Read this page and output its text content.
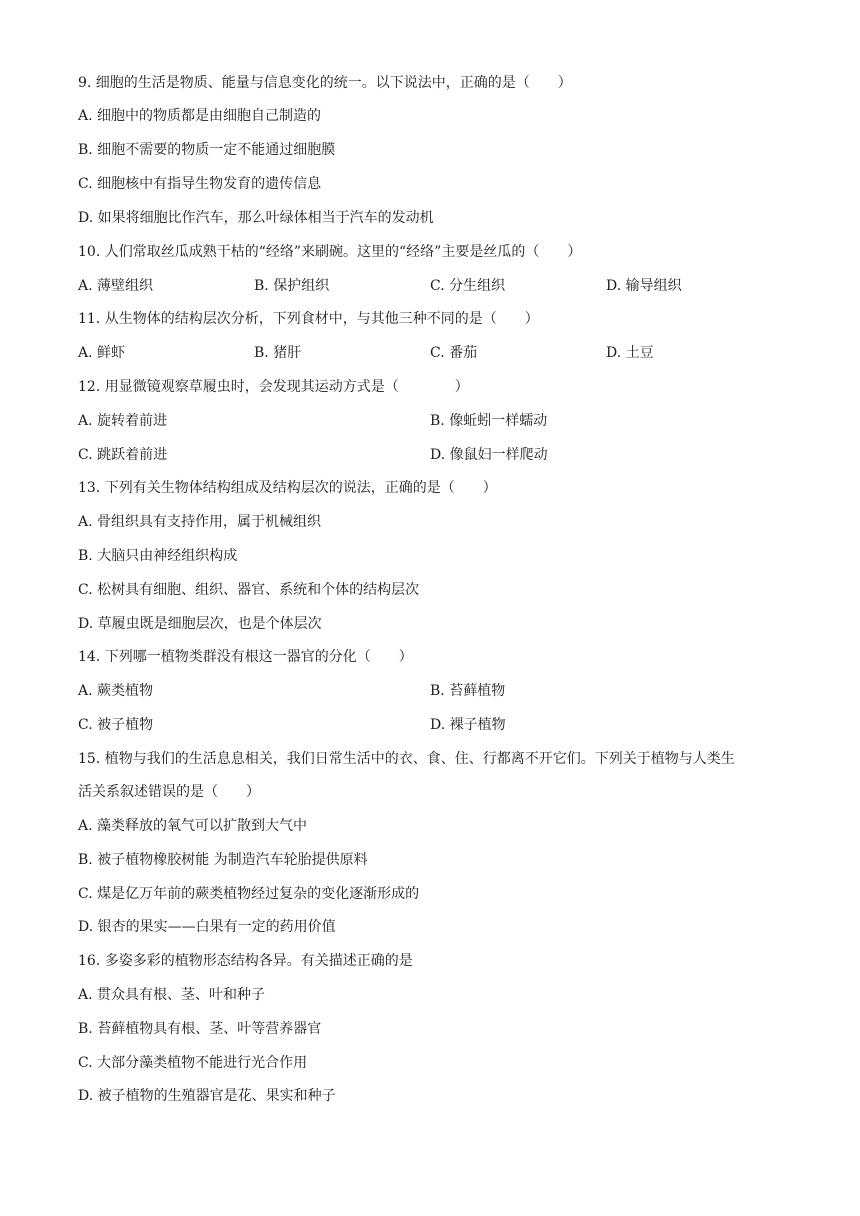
9. 细胞的生活是物质、能量与信息变化的统一。以下说法中，正确的是（　　）
A. 细胞中的物质都是由细胞自己制造的
B. 细胞不需要的物质一定不能通过细胞膜
C. 细胞核中有指导生物发育的遗传信息
D. 如果将细胞比作汽车，那么叶绿体相当于汽车的发动机
10. 人们常取丝瓜成熟干枯的“经络”来刷碗。这里的“经络”主要是丝瓜的（　　）
A. 薄壁组织	B. 保护组织	C. 分生组织	D. 输导组织
11. 从生物体的结构层次分析，下列食材中，与其他三种不同的是（　　）
A. 鲜虾	B. 猪肝	C. 番茄	D. 土豆
12. 用显微镜观察草履虫时，会发现其运动方式是（　　　　）
A. 旋转着前进	B. 像蚯蚓一样蠕动
C. 跳跃着前进	D. 像鼠妇一样爬动
13. 下列有关生物体结构组成及结构层次的说法，正确的是（　　）
A. 骨组织具有支持作用，属于机械组织
B. 大脑只由神经组织构成
C. 松树具有细胞、组织、器官、系统和个体的结构层次
D. 草履虫既是细胞层次，也是个体层次
14. 下列哪一植物类群没有根这一器官的分化（　　）
A. 蕨类植物	B. 苔藓植物
C. 被子植物	D. 裸子植物
15. 植物与我们的生活息息相关，我们日常生活中的衣、食、住、行都离不开它们。下列关于植物与人类生
活关系叙述错误的是（　　）
A. 藻类释放的氧气可以扩散到大气中
B. 被子植物橡胶树能 为制造汽车轮胎提供原料
C. 煤是亿万年前的蕨类植物经过复杂的变化逐渐形成的
D. 银杏的果实——白果有一定的药用价值
16. 多姿多彩的植物形态结构各异。有关描述正确的是
A. 贯众具有根、茎、叶和种子
B. 苔藓植物具有根、茎、叶等营养器官
C. 大部分藻类植物不能进行光合作用
D. 被子植物的生殖器官是花、果实和种子
